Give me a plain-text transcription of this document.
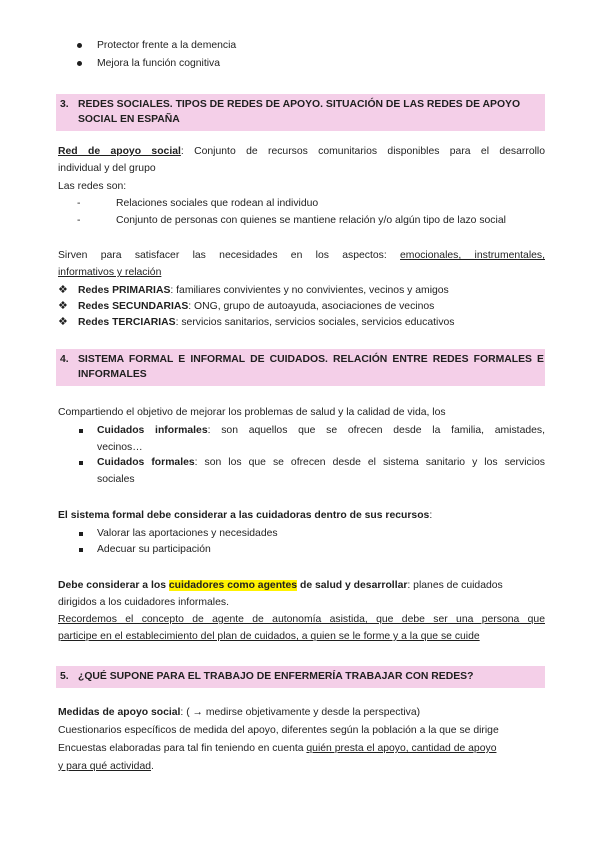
Protector frente a la demencia
Mejora la función cognitiva
3. REDES SOCIALES. TIPOS DE REDES DE APOYO. SITUACIÓN DE LAS REDES DE APOYO SOCIAL EN ESPAÑA
Red de apoyo social: Conjunto de recursos comunitarios disponibles para el desarrollo
individual y del grupo
Las redes son:
-	Relaciones sociales que rodean al individuo
-	Conjunto de personas con quienes se mantiene relación y/o algún tipo de lazo social
Sirven para satisfacer las necesidades en los aspectos: emocionales, instrumentales,
informativos y relación
❖ Redes PRIMARIAS: familiares convivientes y no convivientes, vecinos y amigos
❖ Redes SECUNDARIAS: ONG, grupo de autoayuda, asociaciones de vecinos
❖ Redes TERCIARIAS: servicios sanitarios, servicios sociales, servicios educativos
4. SISTEMA FORMAL E INFORMAL DE CUIDADOS. RELACIÓN ENTRE REDES FORMALES E
INFORMALES
Compartiendo el objetivo de mejorar los problemas de salud y la calidad de vida, los
Cuidados informales: son aquellos que se ofrecen desde la familia, amistades,
vecinos…
Cuidados formales: son los que se ofrecen desde el sistema sanitario y los servicios
sociales
El sistema formal debe considerar a las cuidadoras dentro de sus recursos:
Valorar las aportaciones y necesidades
Adecuar su participación
Debe considerar a los cuidadores como agentes de salud y desarrollar: planes de cuidados
dirigidos a los cuidadores informales.
Recordemos el concepto de agente de autonomía asistida, que debe ser una persona que
participe en el establecimiento del plan de cuidados, a quien se le forme y a la que se cuide
5. ¿QUÉ SUPONE PARA EL TRABAJO DE ENFERMERÍA TRABAJAR CON REDES?
Medidas de apoyo social: ( → medirse objetivamente y desde la perspectiva)
Cuestionarios específicos de medida del apoyo, diferentes según la población a la que se dirige
Encuestas elaboradas para tal fin teniendo en cuenta quién presta el apoyo, cantidad de apoyo
y para qué actividad.
